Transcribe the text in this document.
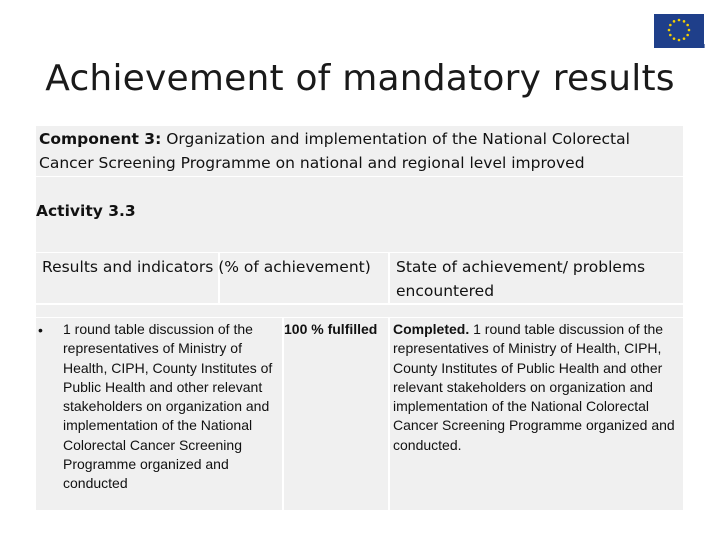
Achievement of mandatory results
Component 3: Organization and implementation of the National Colorectal Cancer Screening Programme on national and regional level improved
Activity 3.3
Results and indicators (% of achievement) State of achievement/ problems encountered
• 1 round table discussion of the representatives of Ministry of Health, CIPH, County Institutes of Public Health and other relevant stakeholders on organization and implementation of the National Colorectal Cancer Screening Programme organized and conducted
100 % fulfilled	Completed. 1 round table discussion of the representatives of Ministry of Health, CIPH, County Institutes of Public Health and other relevant stakeholders on organization and implementation of the National Colorectal Cancer Screening Programme organized and conducted.
